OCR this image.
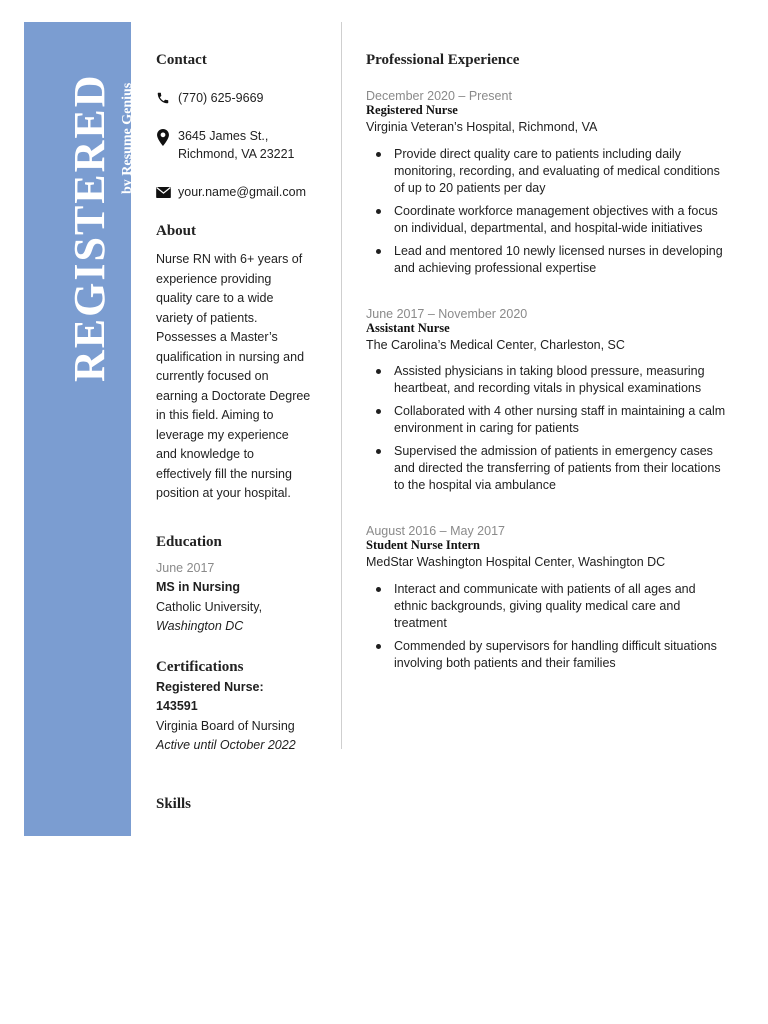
REGISTERED by Resume Genius
Contact
(770) 625-9669
3645 James St.,
Richmond, VA 23221
your.name@gmail.com
About
Nurse RN with 6+ years of
experience providing
quality care to a wide
variety of patients.
Possesses a Master’s
qualification in nursing and
currently focused on
earning a Doctorate Degree
in this field. Aiming to
leverage my experience
and knowledge to
effectively fill the nursing
position at your hospital.
Education
June 2017
MS in Nursing
Catholic University,
Washington DC
Certifications
Registered Nurse:
143591
Virginia Board of Nursing
Active until October 2022
Skills
Professional Experience
December 2020 – Present
Registered Nurse
Virginia Veteran’s Hospital, Richmond, VA
Provide direct quality care to patients including daily
monitoring, recording, and evaluating of medical conditions
of up to 20 patients per day
Coordinate workforce management objectives with a focus
on individual, departmental, and hospital-wide initiatives
Lead and mentored 10 newly licensed nurses in developing
and achieving professional expertise
June 2017 – November 2020
Assistant Nurse
The Carolina’s Medical Center, Charleston, SC
Assisted physicians in taking blood pressure, measuring
heartbeat, and recording vitals in physical examinations
Collaborated with 4 other nursing staff in maintaining a calm
environment in caring for patients
Supervised the admission of patients in emergency cases
and directed the transferring of patients from their locations
to the hospital via ambulance
August 2016 – May 2017
Student Nurse Intern
MedStar Washington Hospital Center, Washington DC
Interact and communicate with patients of all ages and
ethnic backgrounds, giving quality medical care and
treatment
Commended by supervisors for handling difficult situations
involving both patients and their families
